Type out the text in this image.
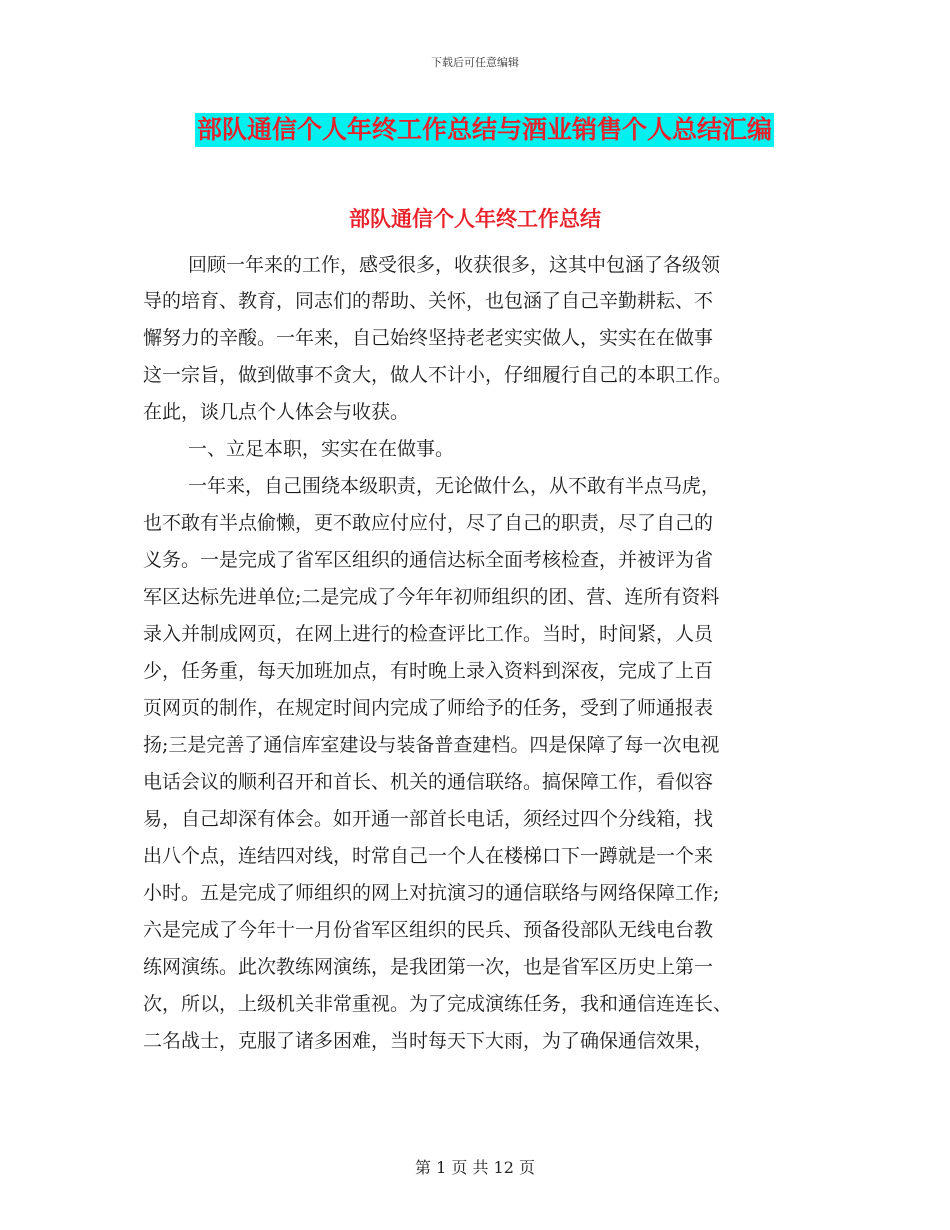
下载后可任意编辑
部队通信个人年终工作总结与酒业销售个人总结汇编
部队通信个人年终工作总结
回顾一年来的工作，感受很多，收获很多，这其中包涵了各级领
导的培育、教育，同志们的帮助、关怀，也包涵了自己辛勤耕耘、不
懈努力的辛酸。一年来，自己始终坚持老老实实做人，实实在在做事
这一宗旨，做到做事不贪大，做人不计小，仔细履行自己的本职工作。
在此，谈几点个人体会与收获。
一、立足本职，实实在在做事。
一年来，自己围绕本级职责，无论做什么，从不敢有半点马虎，
也不敢有半点偷懒，更不敢应付应付，尽了自己的职责，尽了自己的
义务。一是完成了省军区组织的通信达标全面考核检查，并被评为省
军区达标先进单位;二是完成了今年年初师组织的团、营、连所有资料
录入并制成网页，在网上进行的检查评比工作。当时，时间紧，人员
少，任务重，每天加班加点，有时晚上录入资料到深夜，完成了上百
页网页的制作，在规定时间内完成了师给予的任务，受到了师通报表
扬;三是完善了通信库室建设与装备普查建档。四是保障了每一次电视
电话会议的顺利召开和首长、机关的通信联络。搞保障工作，看似容
易，自己却深有体会。如开通一部首长电话，须经过四个分线箱，找
出八个点，连结四对线，时常自己一个人在楼梯口下一蹲就是一个来
小时。五是完成了师组织的网上对抗演习的通信联络与网络保障工作;
六是完成了今年十一月份省军区组织的民兵、预备役部队无线电台教
练网演练。此次教练网演练，是我团第一次，也是省军区历史上第一
次，所以，上级机关非常重视。为了完成演练任务，我和通信连连长、
二名战士，克服了诸多困难，当时每天下大雨，为了确保通信效果，
第 1 页 共 12 页
